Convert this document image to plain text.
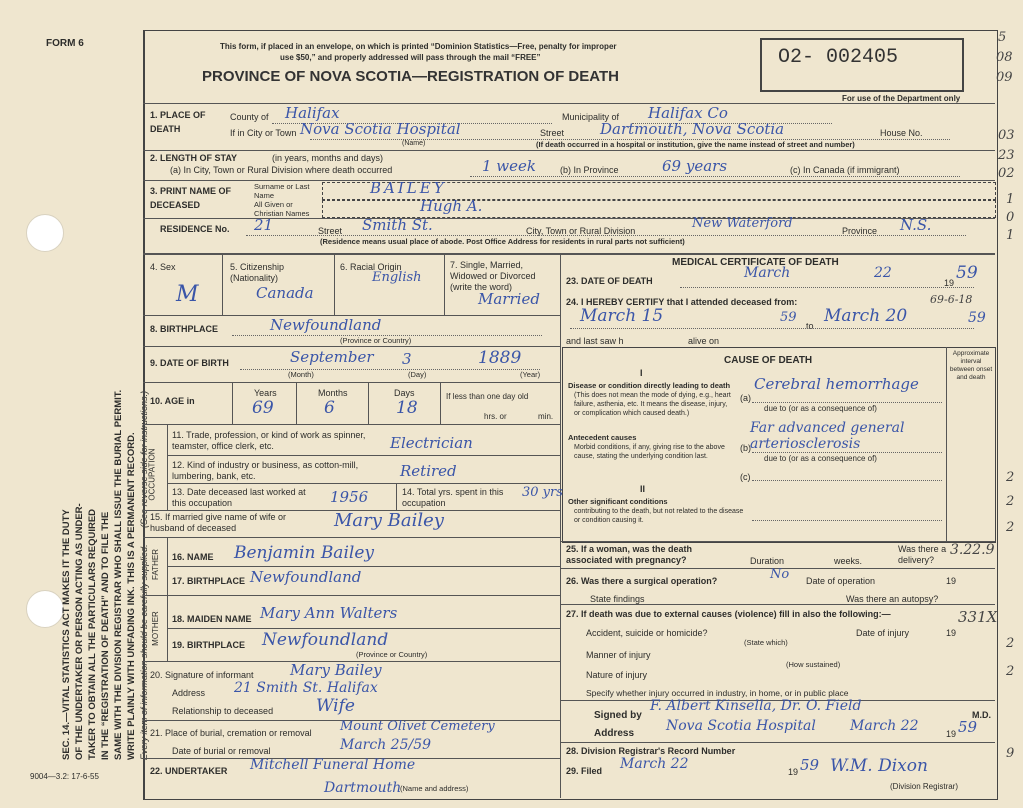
FORM 6
9004—3.2: 17-6-55
SEC. 14.—VITAL STATISTICS ACT MAKES IT THE DUTY OF THE UNDERTAKER OR PERSON ACTING AS UNDER- TAKER TO OBTAIN ALL THE PARTICULARS REQUIRED IN THE “REGISTRATION OF DEATH” AND TO FILE THE SAME WITH THE DIVISION REGISTRAR WHO SHALL ISSUE THE BURIAL PERMIT. WRITE PLAINLY WITH UNFADING INK. THIS IS A PERMANENT RECORD. Every item of information should be carefully supplied. (See reverse side for instructions.)
This form, if placed in an envelope, on which is printed “Dominion Statistics—Free, penalty for improper
use $50,” and properly addressed will pass through the mail “FREE”
PROVINCE OF NOVA SCOTIA—REGISTRATION OF DEATH
O2- 002405
For use of the Department only
5
08
09
03
23
02
1
0
1
2
2
2
2
2
9
1. PLACE OF DEATH
County of Halifax	Municipality of Halifax Co
If in City or Town Nova Scotia Hospital	Street Dartmouth, Nova Scotia	House No.
(Name)	(If death occurred in a hospital or institution, give the name instead of street and number)
2. LENGTH OF STAY	(in years, months and days)
(a) In City, Town or Rural Division where death occurred	1 week	(b) In Province	69 years	(c) In Canada (if immigrant)
3. PRINT NAME OF DECEASED
Surname or Last Name	BAILEY
All Given or Christian Names	Hugh A.
RESIDENCE No. 21	Street Smith St.	City, Town or Rural Division	New Waterford	Province N.S.
(Residence means usual place of abode. Post Office Address for residents in rural parts not sufficient)
4. Sex
M
5. Citizenship (Nationality)
Canada
6. Racial Origin
English
7. Single, Married, Widowed or Divorced (write the word)
Married
8. BIRTHPLACE	Newfoundland
(Province or Country)
9. DATE OF BIRTH	September 3	1889
(Month)	(Day)	(Year)
10. AGE in
Years	Months	Days
69	6	18
If less than one day old
hrs. or	min.
OCCUPATION
11. Trade, profession, or kind of work as spinner, teamster, office clerk, etc.	Electrician
12. Kind of industry or business, as cotton-mill, lumbering, bank, etc.	Retired
13. Date deceased last worked at this occupation	1956	14. Total yrs. spent in this occupation
30 yrs
15. If married give name of wife or husband of deceased	Mary Bailey
FATHER 16. NAME Benjamin Bailey
17. BIRTHPLACE Newfoundland
MOTHER 18. MAIDEN NAME Mary Ann Walters
19. BIRTHPLACE Newfoundland
(Province or Country)
20. Signature of informant Mary Bailey
Address 21 Smith St. Halifax
Relationship to deceased	Wife
21. Place of burial, cremation or removal Mount Olivet Cemetery
Date of burial or removal	March 25/59
22. UNDERTAKER Mitchell Funeral Home
Dartmouth
(Name and address)
MEDICAL CERTIFICATE OF DEATH
23. DATE OF DEATH	March	22
19 59
24. I HEREBY CERTIFY that I attended deceased from:
March 15	59
to March 20	59
69-6-18
and last saw h	alive on
CAUSE OF DEATH
Approximate interval between onset and death
I
Disease or condition directly leading to death
(This does not mean the mode of dying, e.g., heart failure, asthenia, etc. It means the disease, injury, or complication which caused death.)
(a)
Cerebral hemorrhage
due to (or as a consequence of)
Antecedent causes
Morbid conditions, if any, giving rise to the above cause, stating the underlying condition last.
(b)
Far advanced general arteriosclerosis
due to (or as a consequence of)
(c)
II
Other significant conditions
contributing to the death, but not related to the disease or condition causing it.
25. If a woman, was the death associated with pregnancy?	Duration	weeks.
Was there a delivery?
3.22.9
26. Was there a surgical operation?	No Date of operation	19
State findings	Was there an autopsy?
27. If death was due to external causes (violence) fill in also the following:—	331X
Accident, suicide or homicide?
(State which)
Date of injury	19
Manner of injury
(How sustained)
Nature of injury
Specify whether injury occurred in industry, in home, or in public place
Signed by
F. Albert Kinsella, Dr. O. Field
M.D.
Address Nova Scotia Hospital March 22	19 59
28. Division Registrar's Record Number
29. Filed March 22	19 59 W.M. Dixon
(Division Registrar)
